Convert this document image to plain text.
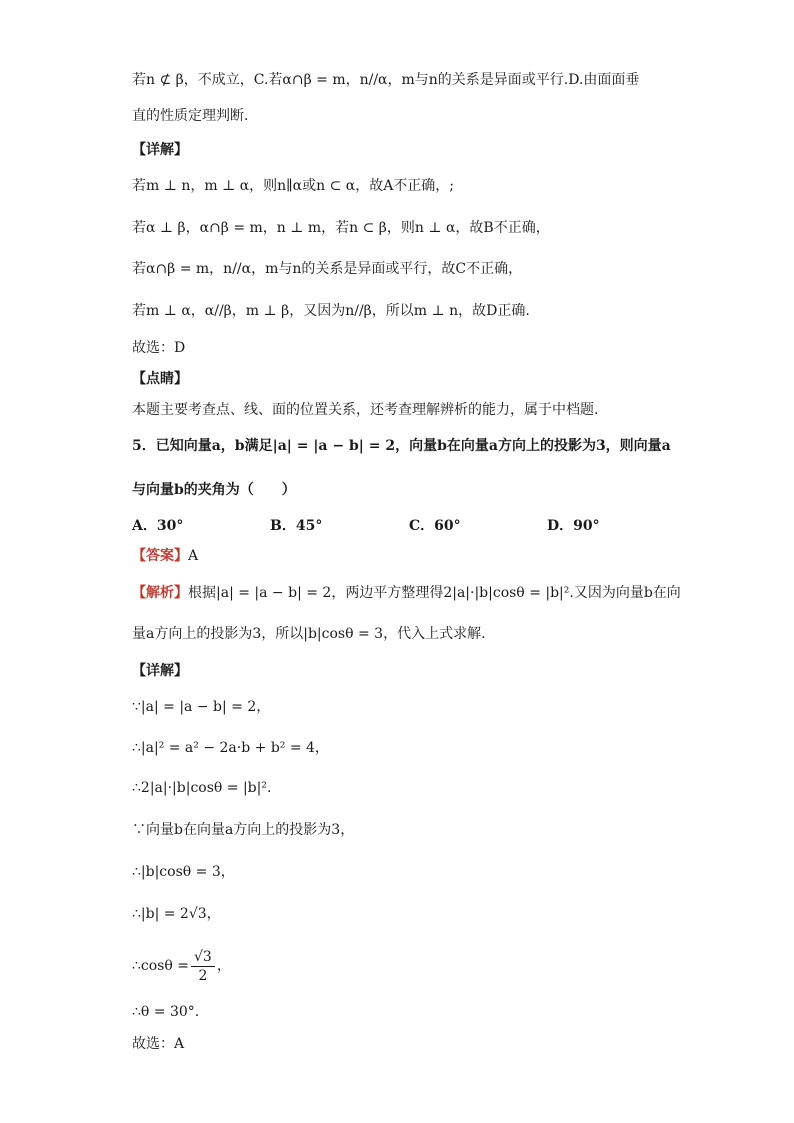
若n ⊄ β，不成立，C.若α∩β = m，n//α，m与n的关系是异面或平行.D.由面面垂
直的性质定理判断.
【详解】
若m ⊥ n，m ⊥ α，则n∥α或n ⊂ α，故A不正确，;
若α ⊥ β，α∩β = m，n ⊥ m，若n ⊂ β，则n ⊥ α，故B不正确，
若α∩β = m，n//α，m与n的关系是异面或平行，故C不正确，
若m ⊥ α，α//β，m ⊥ β，又因为n//β，所以m ⊥ n，故D正确.
故选：D
【点睛】
本题主要考查点、线、面的位置关系，还考查理解辨析的能力，属于中档题.
5．已知向量a，b满足|a| = |a − b| = 2，向量b在向量a方向上的投影为3，则向量a
与向量b的夹角为（　　）
A．30°	B．45°	C．60°	D．90°
【答案】A
【解析】根据|a| = |a − b| = 2，两边平方整理得2|a|·|b|cosθ = |b|².又因为向量b在向
量a方向上的投影为3，所以|b|cosθ = 3，代入上式求解.
【详解】
∵|a| = |a − b| = 2，
∴|a|² = a² − 2a·b + b² = 4，
∴2|a|·|b|cosθ = |b|².
∵向量b在向量a方向上的投影为3，
∴|b|cosθ = 3，
∴|b| = 2√3，
∴cosθ = $\frac{√3}{2}$ ，
∴θ = 30°.
故选：A
